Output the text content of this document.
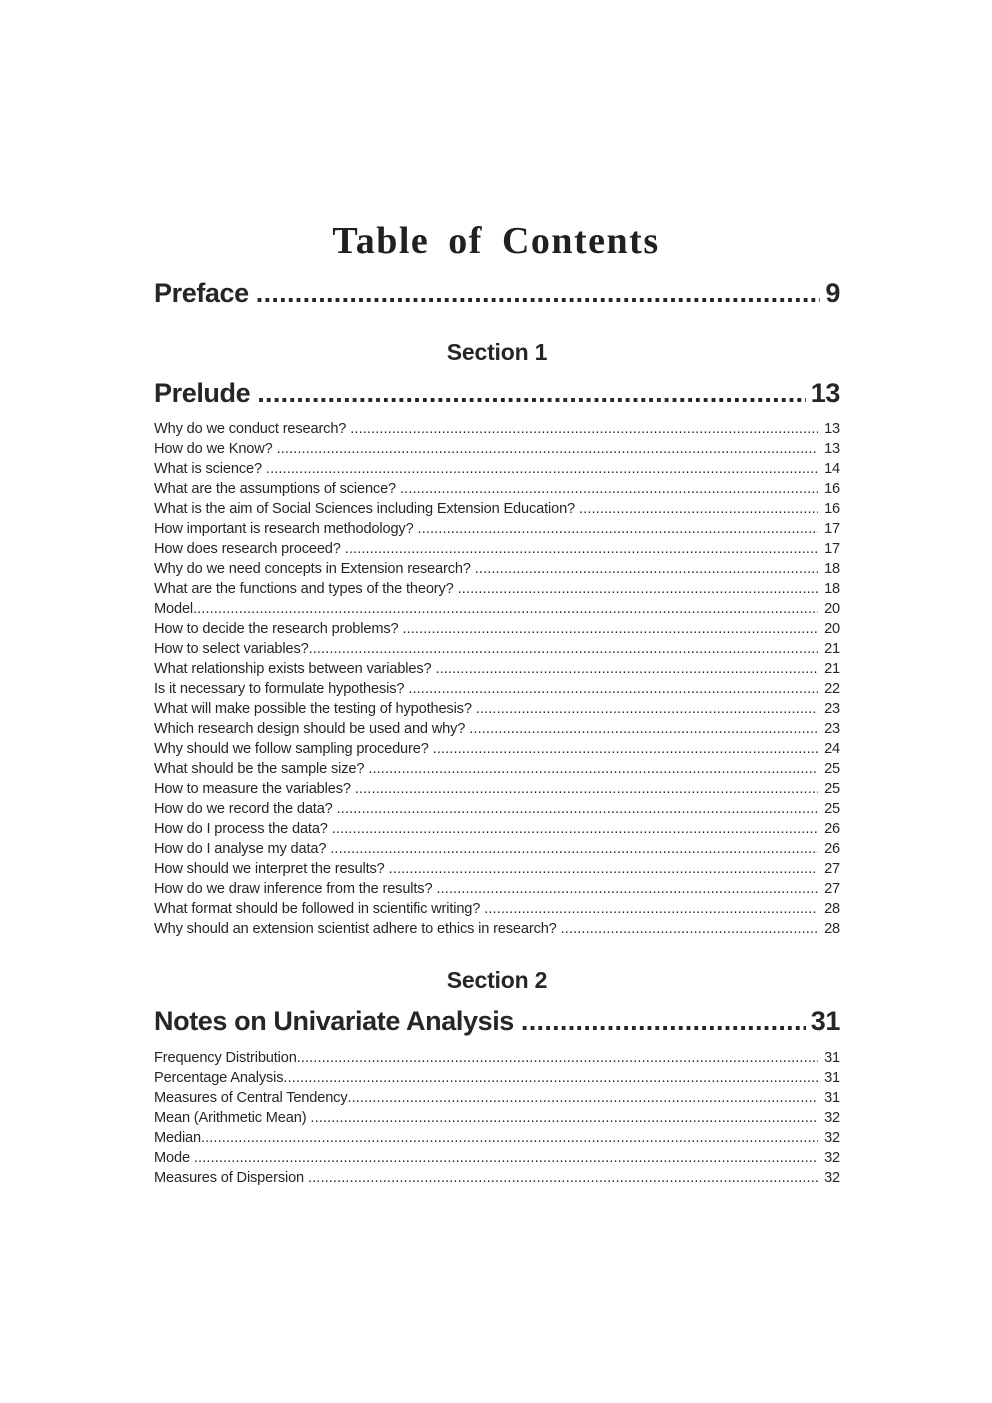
Table of Contents
Preface .....	9
Section 1
Prelude .....	13
Why do we conduct research? .....	13
How do we Know? .....	13
What is science? .....	14
What are the assumptions of science? .....	16
What is the aim of Social Sciences including Extension Education? .....	16
How important is research methodology? .....	17
How does research proceed? .....	17
Why do we need concepts in Extension research? .....	18
What are the functions and types of the theory? .....	18
Model .....	20
How to decide the research problems? .....	20
How to select variables? .....	21
What relationship exists between variables? .....	21
Is it necessary to formulate hypothesis? .....	22
What will make possible the testing of hypothesis? .....	23
Which research design should be used and why? .....	23
Why should we follow sampling procedure? .....	24
What should be the sample size? .....	25
How to measure the variables? .....	25
How do we record the data? .....	25
How do I process the data? .....	26
How do I analyse my data? .....	26
How should we interpret the results? .....	27
How do we draw inference from the results? .....	27
What format should be followed in scientific writing? .....	28
Why should an extension scientist adhere to ethics in research? .....	28
Section 2
Notes on Univariate Analysis .....	31
Frequency Distribution .....	31
Percentage Analysis .....	31
Measures of Central Tendency .....	31
Mean (Arithmetic Mean) .....	32
Median .....	32
Mode .....	32
Measures of Dispersion .....	32
